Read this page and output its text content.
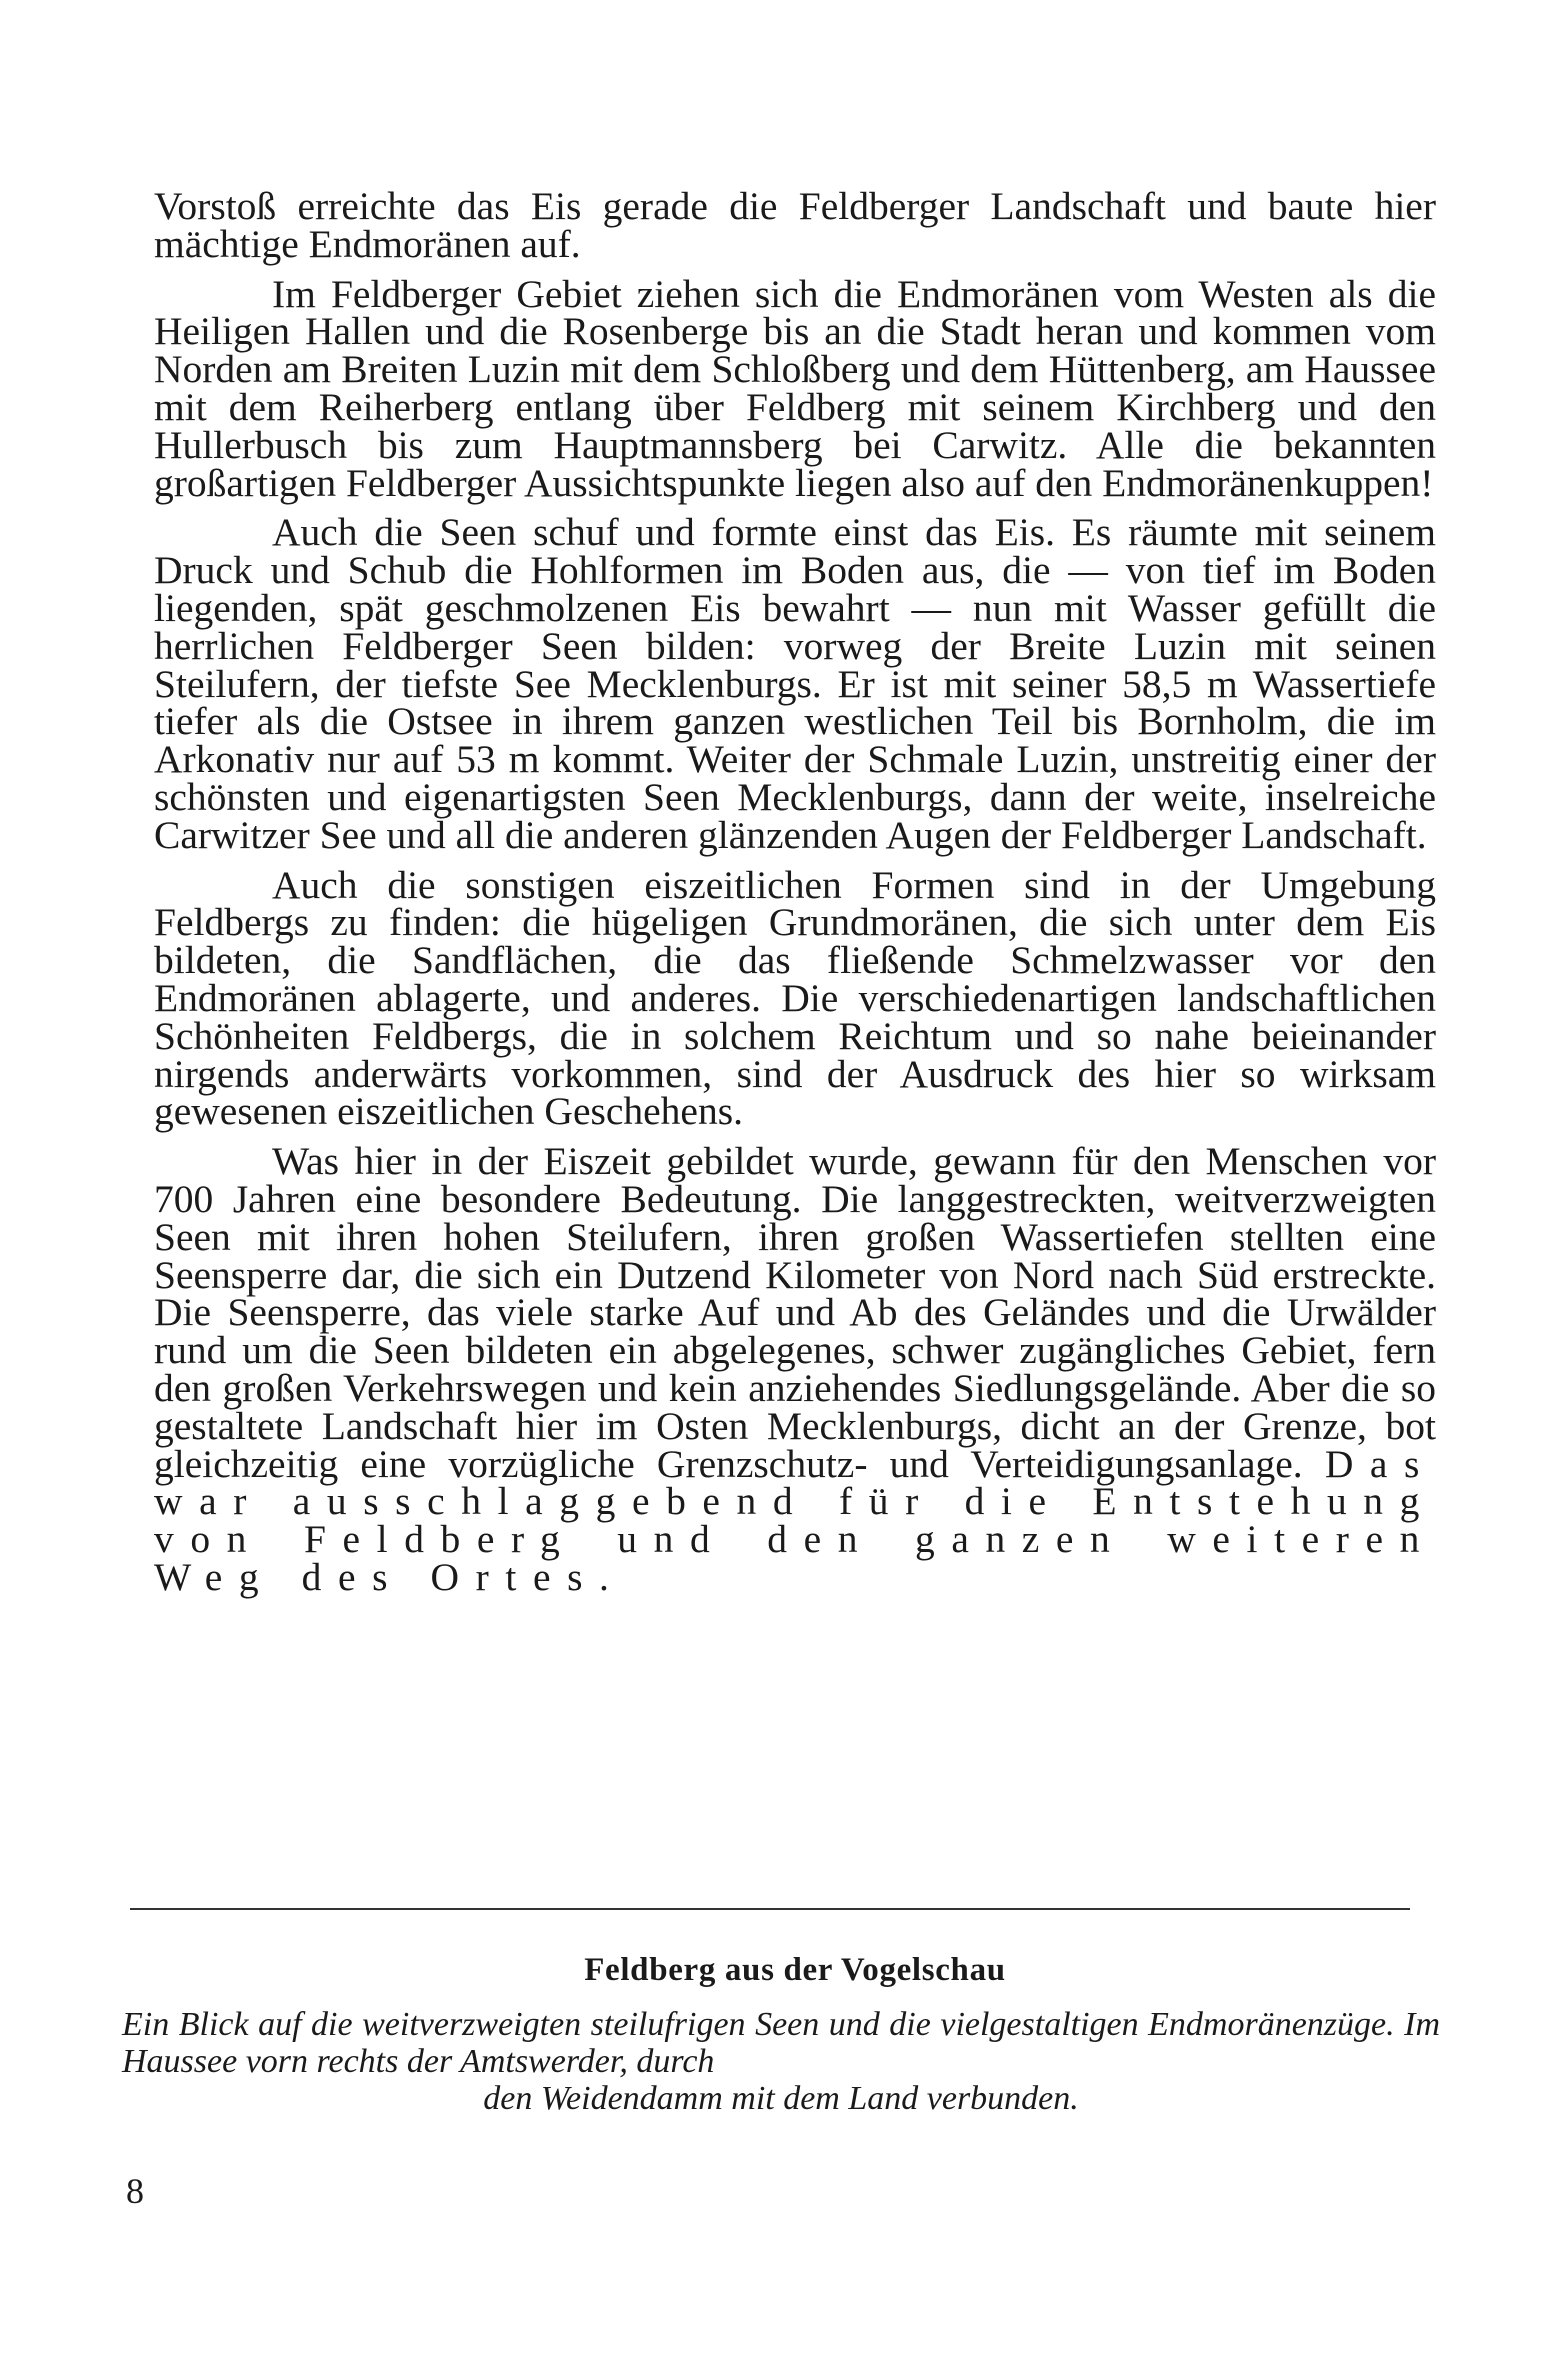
Vorstoß erreichte das Eis gerade die Feldberger Landschaft und baute hier mächtige Endmoränen auf.

Im Feldberger Gebiet ziehen sich die Endmoränen vom Westen als die Heiligen Hallen und die Rosenberge bis an die Stadt heran und kommen vom Norden am Breiten Luzin mit dem Schloßberg und dem Hüttenberg, am Haussee mit dem Reiherberg entlang über Feldberg mit seinem Kirchberg und den Hullerbusch bis zum Hauptmannsberg bei Carwitz. Alle die bekannten großartigen Feldberger Aussichtspunkte liegen also auf den Endmoränenkuppen!

Auch die Seen schuf und formte einst das Eis. Es räumte mit seinem Druck und Schub die Hohlformen im Boden aus, die — von tief im Boden liegenden, spät geschmolzenen Eis bewahrt — nun mit Wasser gefüllt die herrlichen Feldberger Seen bilden: vorweg der Breite Luzin mit seinen Steilufern, der tiefste See Mecklenburgs. Er ist mit seiner 58,5 m Wassertiefe tiefer als die Ostsee in ihrem ganzen westlichen Teil bis Bornholm, die im Arkonativ nur auf 53 m kommt. Weiter der Schmale Luzin, unstreitig einer der schönsten und eigenartigsten Seen Mecklenburgs, dann der weite, inselreiche Carwitzer See und all die anderen glänzenden Augen der Feldberger Landschaft.

Auch die sonstigen eiszeitlichen Formen sind in der Umgebung Feldbergs zu finden: die hügeligen Grundmoränen, die sich unter dem Eis bildeten, die Sandflächen, die das fließende Schmelzwasser vor den Endmoränen ablagerte, und anderes. Die verschiedenartigen landschaftlichen Schönheiten Feldbergs, die in solchem Reichtum und so nahe beieinander nirgends anderwärts vorkommen, sind der Ausdruck des hier so wirksam gewesenen eiszeitlichen Geschehens.

Was hier in der Eiszeit gebildet wurde, gewann für den Menschen vor 700 Jahren eine besondere Bedeutung. Die langgestreckten, weitverzweigten Seen mit ihren hohen Steilufern, ihren großen Wassertiefen stellten eine Seensperre dar, die sich ein Dutzend Kilometer von Nord nach Süd erstreckte. Die Seensperre, das viele starke Auf und Ab des Geländes und die Urwälder rund um die Seen bildeten ein abgelegenes, schwer zugängliches Gebiet, fern den großen Verkehrswegen und kein anziehendes Siedlungsgelände. Aber die so gestaltete Landschaft hier im Osten Mecklenburgs, dicht an der Grenze, bot gleichzeitig eine vorzügliche Grenzschutz- und Verteidigungsanlage. Das war ausschlaggebend für die Entstehung von Feldberg und den ganzen weiteren Weg des Ortes.

Feldberg aus der Vogelschau
Ein Blick auf die weitverzweigten steilufrigen Seen und die vielgestaltigen Endmoränenzüge. Im Haussee vorn rechts der Amtswerder, durch
den Weidendamm mit dem Land verbunden.
8
